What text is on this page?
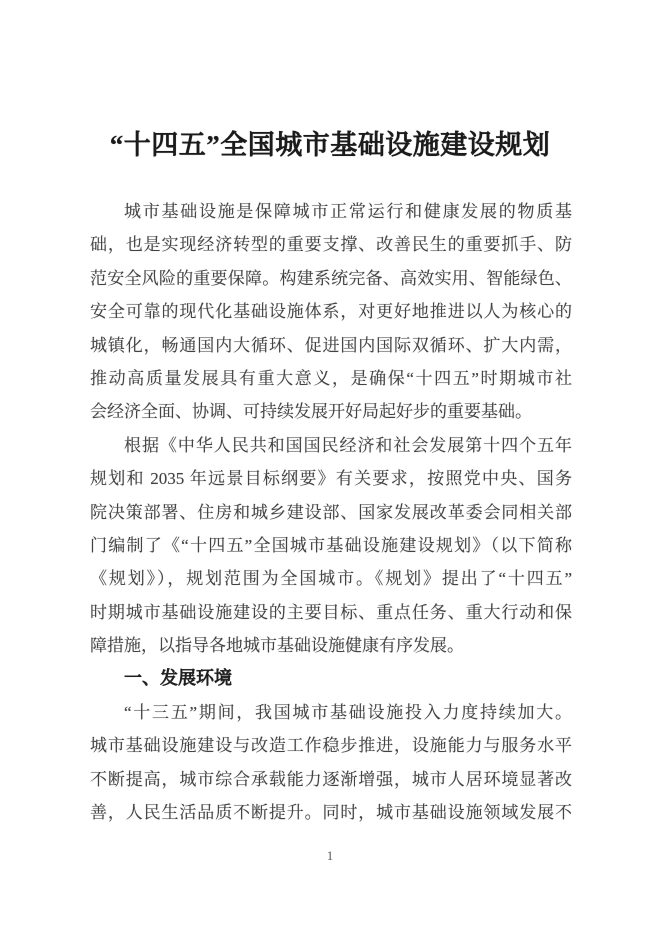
“十四五”全国城市基础设施建设规划
城市基础设施是保障城市正常运行和健康发展的物质基
础，也是实现经济转型的重要支撑、改善民生的重要抓手、防
范安全风险的重要保障。构建系统完备、高效实用、智能绿色、
安全可靠的现代化基础设施体系，对更好地推进以人为核心的
城镇化，畅通国内大循环、促进国内国际双循环、扩大内需，
推动高质量发展具有重大意义，是确保“十四五”时期城市社
会经济全面、协调、可持续发展开好局起好步的重要基础。
根据《中华人民共和国国民经济和社会发展第十四个五年
规划和 2035 年远景目标纲要》有关要求，按照党中央、国务
院决策部署、住房和城乡建设部、国家发展改革委会同相关部
门编制了《“十四五”全国城市基础设施建设规划》（以下简称
《规划》），规划范围为全国城市。《规划》提出了“十四五”
时期城市基础设施建设的主要目标、重点任务、重大行动和保
障措施，以指导各地城市基础设施健康有序发展。
一、发展环境
“十三五”期间，我国城市基础设施投入力度持续加大。
城市基础设施建设与改造工作稳步推进，设施能力与服务水平
不断提高，城市综合承载能力逐渐增强，城市人居环境显著改
善，人民生活品质不断提升。同时，城市基础设施领域发展不
1
